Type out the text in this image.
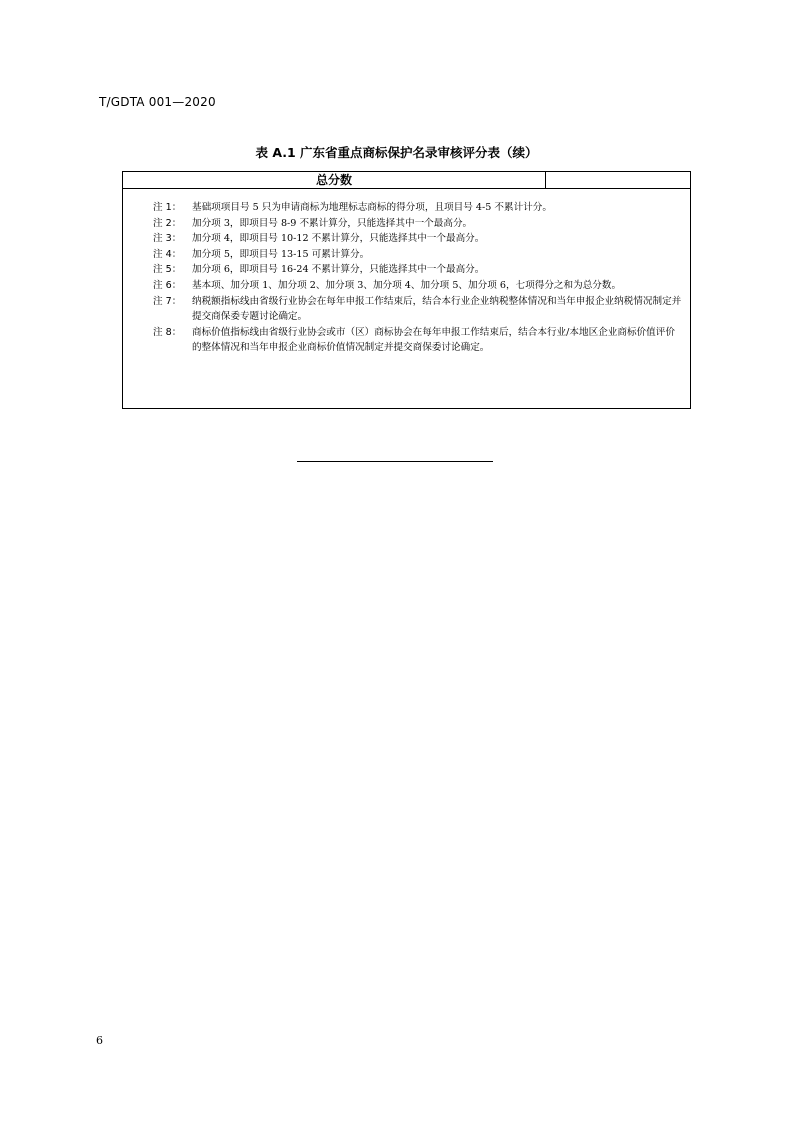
T/GDTA 001—2020
表 A.1 广东省重点商标保护名录审核评分表（续）
总分数
注 1：	基础项项目号 5 只为申请商标为地理标志商标的得分项，且项目号 4-5 不累计计分。
注 2：	加分项 3，即项目号 8-9 不累计算分，只能选择其中一个最高分。
注 3：	加分项 4，即项目号 10-12 不累计算分，只能选择其中一个最高分。
注 4：	加分项 5，即项目号 13-15 可累计算分。
注 5：	加分项 6，即项目号 16-24 不累计算分，只能选择其中一个最高分。
注 6：	基本项、加分项 1、加分项 2、加分项 3、加分项 4、加分项 5、加分项 6，七项得分之和为总分数。
注 7：	纳税额指标线由省级行业协会在每年申报工作结束后，结合本行业企业纳税整体情况和当年申报企业纳税情况制定并提交商保委专题讨论确定。
注 8：	商标价值指标线由省级行业协会或市（区）商标协会在每年申报工作结束后，结合本行业/本地区企业商标价值评价的整体情况和当年申报企业商标价值情况制定并提交商保委讨论确定。
6
